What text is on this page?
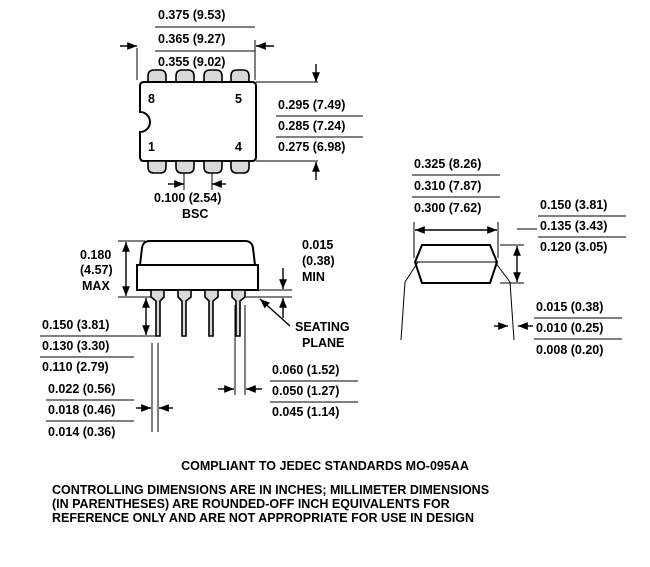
0.375 (9.53)
0.365 (9.27)
0.355 (9.02)
8	5
1	4
0.100 (2.54)
BSC
0.295 (7.49)
0.285 (7.24)
0.275 (6.98)
0.180
(4.57)
MAX
0.015
(0.38)
MIN
SEATING
PLANE
0.150 (3.81)
0.130 (3.30)
0.110 (2.79)
0.022 (0.56)
0.018 (0.46)
0.014 (0.36)
0.060 (1.52)
0.050 (1.27)
0.045 (1.14)
0.325 (8.26)
0.310 (7.87)
0.300 (7.62)	0.150 (3.81)
0.135 (3.43)
0.120 (3.05)
0.015 (0.38)
0.010 (0.25)
0.008 (0.20)
COMPLIANT TO JEDEC STANDARDS MO-095AA
CONTROLLING DIMENSIONS ARE IN INCHES; MILLIMETER DIMENSIONS
(IN PARENTHESES) ARE ROUNDED-OFF INCH EQUIVALENTS FOR
REFERENCE ONLY AND ARE NOT APPROPRIATE FOR USE IN DESIGN
